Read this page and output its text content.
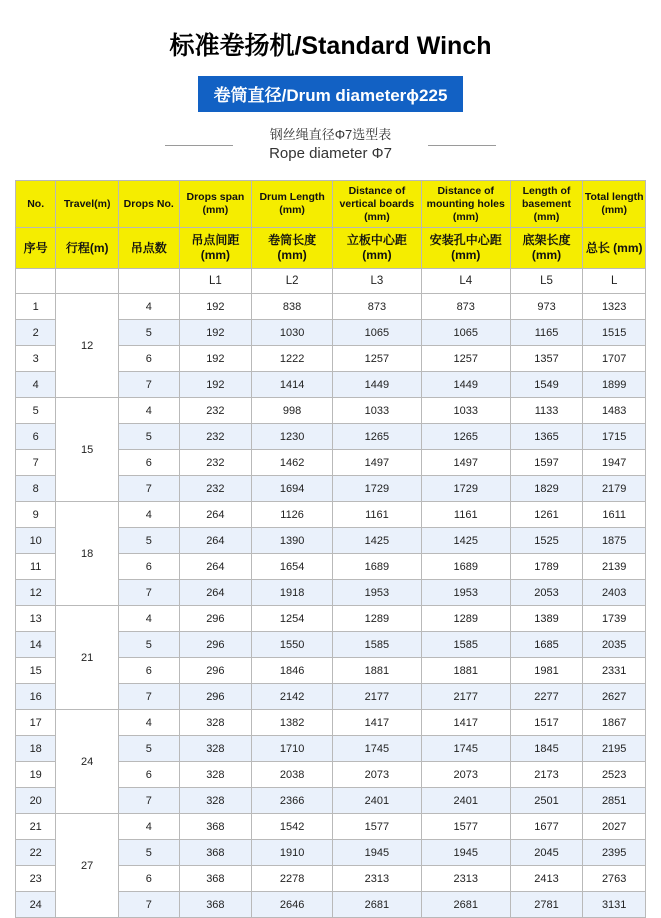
标准卷扬机/Standard Winch
卷筒直径/Drum diameterϕ225
钢丝绳直径Φ7选型表
Rope diameter Φ7
No.	Travel(m)	Drops No.	Drops span (mm)	Drum Length (mm)	Distance of vertical boards (mm)	Distance of mounting holes (mm)	Length of basement (mm)	Total length (mm)
序号	行程(m)	吊点数	吊点间距 (mm)	卷筒长度 (mm)	立板中心距 (mm)	安装孔中心距 (mm)	底架长度 (mm)	总长 (mm)
			L1	L2	L3	L4	L5	L
1	12	4	192	838	873	873	973	1323
2		5	192	1030	1065	1065	1165	1515
3		6	192	1222	1257	1257	1357	1707
4		7	192	1414	1449	1449	1549	1899
5	15	4	232	998	1033	1033	1133	1483
6		5	232	1230	1265	1265	1365	1715
7		6	232	1462	1497	1497	1597	1947
8		7	232	1694	1729	1729	1829	2179
9	18	4	264	1126	1161	1161	1261	1611
10		5	264	1390	1425	1425	1525	1875
11		6	264	1654	1689	1689	1789	2139
12		7	264	1918	1953	1953	2053	2403
13	21	4	296	1254	1289	1289	1389	1739
14		5	296	1550	1585	1585	1685	2035
15		6	296	1846	1881	1881	1981	2331
16		7	296	2142	2177	2177	2277	2627
17	24	4	328	1382	1417	1417	1517	1867
18		5	328	1710	1745	1745	1845	2195
19		6	328	2038	2073	2073	2173	2523
20		7	328	2366	2401	2401	2501	2851
21	27	4	368	1542	1577	1577	1677	2027
22		5	368	1910	1945	1945	2045	2395
23		6	368	2278	2313	2313	2413	2763
24		7	368	2646	2681	2681	2781	3131
